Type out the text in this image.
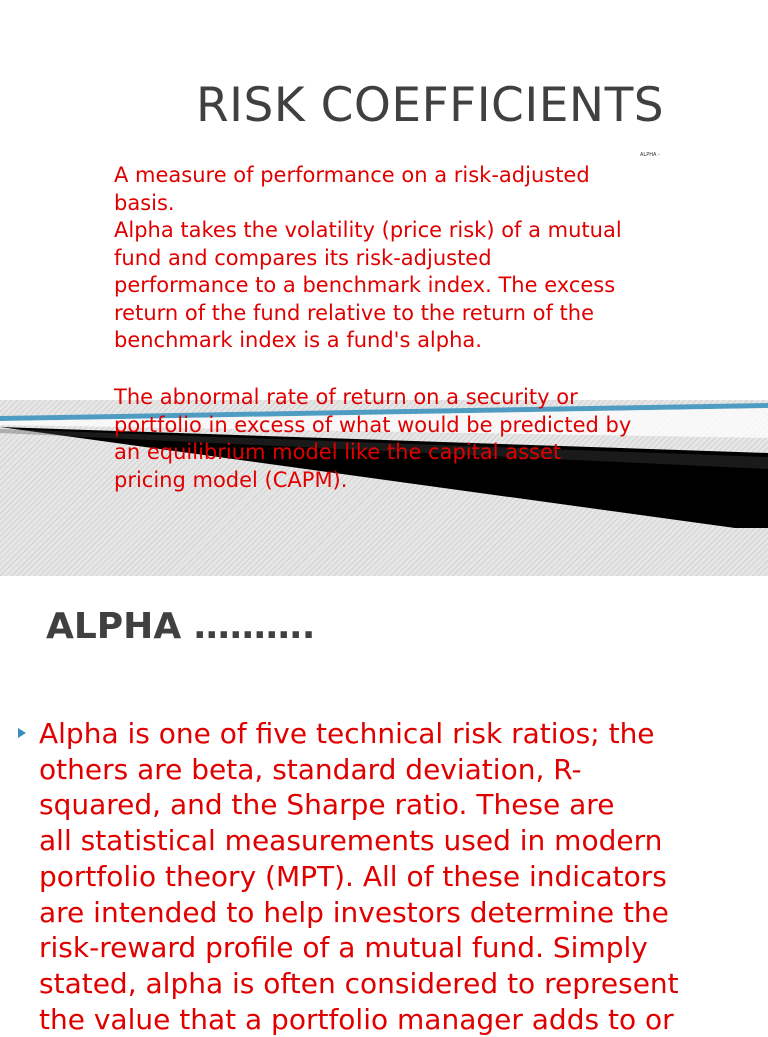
RISK COEFFICIENTS
ALPHA -

A measure of performance on a risk-adjusted
basis.
Alpha takes the volatility (price risk) of a mutual
fund and compares its risk-adjusted
performance to a benchmark index. The excess
return of the fund relative to the return of the
benchmark index is a fund's alpha.

The abnormal rate of return on a security or
portfolio in excess of what would be predicted by
an equilibrium model like the capital asset
pricing model (CAPM).

ALPHA ……….

Alpha is one of five technical risk ratios; the
others are beta, standard deviation, R-
squared, and the Sharpe ratio. These are
all statistical measurements used in modern
portfolio theory (MPT). All of these indicators
are intended to help investors determine the
risk-reward profile of a mutual fund. Simply
stated, alpha is often considered to represent
the value that a portfolio manager adds to or
